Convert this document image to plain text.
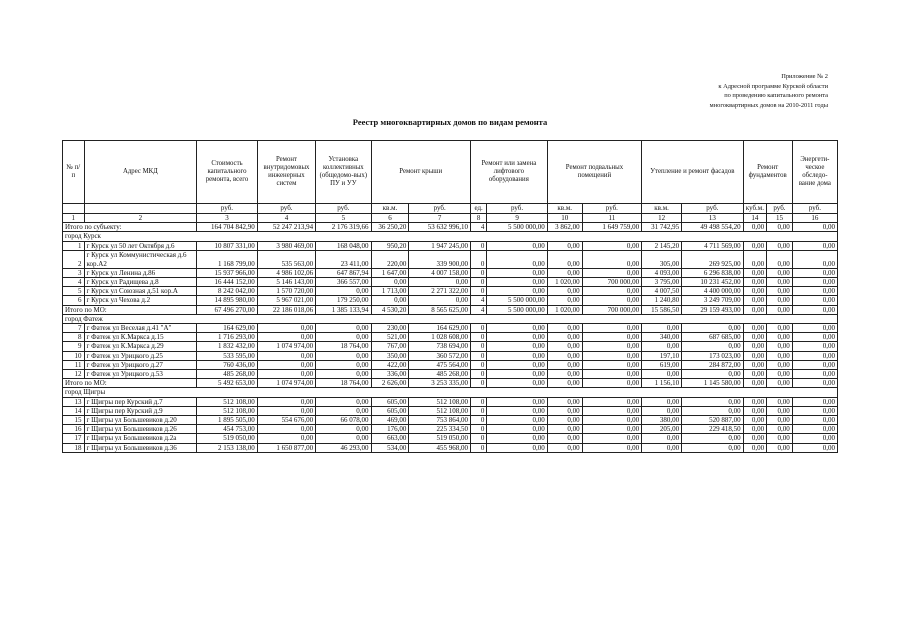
Приложение № 2
к Адресной программе Курской области
по проведению капитального ремонта
многоквартирных домов на 2010-2011 годы
Реестр многоквартирных домов по видам ремонта
№ п/п	Адрес МКД	Стоимость капитального ремонта, всего	Ремонт внутридомовых инженерных систем	Установка коллективных (общедомо-вых) ПУ и УУ	Ремонт крыши		Ремонт или замена лифтового оборудования		Ремонт подвальных помещений		Утепление и ремонт фасадов		Ремонт фундаментов		Энергети-ческое обследо-вание дома
		руб.	руб.	руб.	кв.м.	руб.	ед.	руб.	кв.м.	руб.	кв.м.	руб.	куб.м.	руб.	руб.
1	2	3	4	5	6	7	8	9	10	11	12	13	14	15	16
Итого по субъекту:		164 704 842,90	52 247 213,94	2 176 319,66	36 250,20	53 632 996,10	4	5 500 000,00	3 862,00	1 649 759,00	31 742,95	49 498 554,20	0,00	0,00	0,00
город Курск															
1	г Курск ул 50 лет Октября д.6	10 807 331,00	3 980 469,00	168 048,00	950,20	1 947 245,00	0	0,00	0,00	0,00	2 145,20	4 711 569,00	0,00	0,00	0,00
2	г Курск ул Коммунистическая д.6 кор.А2	1 168 799,00	535 563,00	23 411,00	220,00	339 900,00	0	0,00	0,00	0,00	305,00	269 925,00	0,00	0,00	0,00
3	г Курск ул Ленина д.86	15 937 966,00	4 986 102,06	647 867,94	1 647,00	4 007 158,00	0	0,00	0,00	0,00	4 093,00	6 296 838,00	0,00	0,00	0,00
4	г Курск ул Радищева д.8	16 444 152,00	5 146 143,00	366 557,00	0,00	0,00	0	0,00	1 020,00	700 000,00	3 795,00	10 231 452,00	0,00	0,00	0,00
5	г Курск ул Союзная д.51 кор.А	8 242 042,00	1 570 720,00	0,00	1 713,00	2 271 322,00	0	0,00	0,00	0,00	4 007,50	4 400 000,00	0,00	0,00	0,00
6	г Курск ул Чехова д.2	14 895 980,00	5 967 021,00	179 250,00	0,00	0,00	4	5 500 000,00	0,00	0,00	1 240,80	3 249 709,00	0,00	0,00	0,00
Итого по МО:		67 496 270,00	22 186 018,06	1 385 133,94	4 530,20	8 565 625,00	4	5 500 000,00	1 020,00	700 000,00	15 586,50	29 159 493,00	0,00	0,00	0,00
город Фатеж															
7	г Фатеж ул Веселая д.41 "А"	164 629,00	0,00	0,00	230,00	164 629,00	0	0,00	0,00	0,00	0,00	0,00	0,00	0,00	0,00
8	г Фатеж ул К.Маркса д.15	1 716 293,00	0,00	0,00	521,00	1 028 608,00	0	0,00	0,00	0,00	340,00	687 685,00	0,00	0,00	0,00
9	г Фатеж ул К.Маркса д.29	1 832 432,00	1 074 974,00	18 764,00	767,00	738 694,00	0	0,00	0,00	0,00	0,00	0,00	0,00	0,00	0,00
10	г Фатеж ул Урицкого д.25	533 595,00	0,00	0,00	350,00	360 572,00	0	0,00	0,00	0,00	197,10	173 023,00	0,00	0,00	0,00
11	г Фатеж ул Урицкого д.27	760 436,00	0,00	0,00	422,00	475 564,00	0	0,00	0,00	0,00	619,00	284 872,00	0,00	0,00	0,00
12	г Фатеж ул Урицкого д.53	485 268,00	0,00	0,00	336,00	485 268,00	0	0,00	0,00	0,00	0,00	0,00	0,00	0,00	0,00
Итого по МО:		5 492 653,00	1 074 974,00	18 764,00	2 626,00	3 253 335,00	0	0,00	0,00	0,00	1 156,10	1 145 580,00	0,00	0,00	0,00
город Щигры															
13	г Щигры пер Курский д.7	512 108,00	0,00	0,00	605,00	512 108,00	0	0,00	0,00	0,00	0,00	0,00	0,00	0,00	0,00
14	г Щигры пер Курский д.9	512 108,00	0,00	0,00	605,00	512 108,00	0	0,00	0,00	0,00	0,00	0,00	0,00	0,00	0,00
15	г Щигры ул Большевиков д.20	1 895 505,00	554 676,00	66 078,00	469,00	753 864,00	0	0,00	0,00	0,00	380,00	520 887,00	0,00	0,00	0,00
16	г Щигры ул Большевиков д.26	454 753,00	0,00	0,00	176,00	225 334,50	0	0,00	0,00	0,00	205,00	229 418,50	0,00	0,00	0,00
17	г Щигры ул Большевиков д.2а	519 050,00	0,00	0,00	663,00	519 050,00	0	0,00	0,00	0,00	0,00	0,00	0,00	0,00	0,00
18	г Щигры ул Большевиков д.36	2 153 138,00	1 650 877,00	46 293,00	534,00	455 968,00	0	0,00	0,00	0,00	0,00	0,00	0,00	0,00	0,00
